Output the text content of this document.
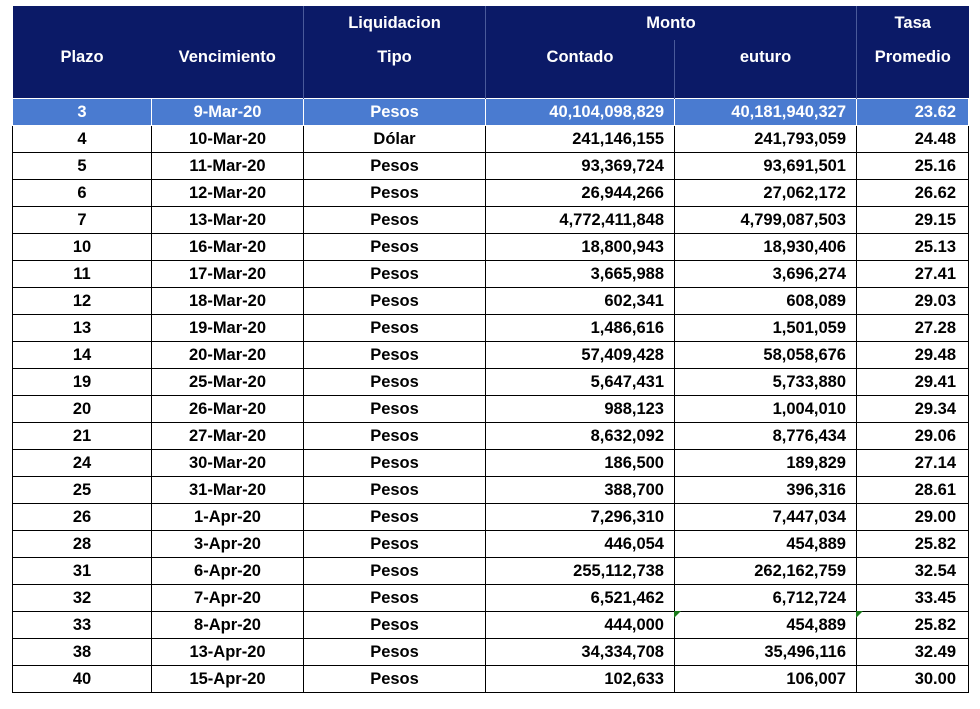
		Liquidacion	Monto		Tasa
Plazo	Vencimiento	Tipo	Contado	euturo	Promedio

3	9-Mar-20	Pesos	40,104,098,829	40,181,940,327	23.62
4	10-Mar-20	Dólar	241,146,155	241,793,059	24.48
5	11-Mar-20	Pesos	93,369,724	93,691,501	25.16
6	12-Mar-20	Pesos	26,944,266	27,062,172	26.62
7	13-Mar-20	Pesos	4,772,411,848	4,799,087,503	29.15
10	16-Mar-20	Pesos	18,800,943	18,930,406	25.13
11	17-Mar-20	Pesos	3,665,988	3,696,274	27.41
12	18-Mar-20	Pesos	602,341	608,089	29.03
13	19-Mar-20	Pesos	1,486,616	1,501,059	27.28
14	20-Mar-20	Pesos	57,409,428	58,058,676	29.48
19	25-Mar-20	Pesos	5,647,431	5,733,880	29.41
20	26-Mar-20	Pesos	988,123	1,004,010	29.34
21	27-Mar-20	Pesos	8,632,092	8,776,434	29.06
24	30-Mar-20	Pesos	186,500	189,829	27.14
25	31-Mar-20	Pesos	388,700	396,316	28.61
26	1-Apr-20	Pesos	7,296,310	7,447,034	29.00
28	3-Apr-20	Pesos	446,054	454,889	25.82
31	6-Apr-20	Pesos	255,112,738	262,162,759	32.54
32	7-Apr-20	Pesos	6,521,462	6,712,724	33.45
33	8-Apr-20	Pesos	444,000	454,889	25.82

38	13-Apr-20	Pesos	34,334,708	35,496,116	32.49
40	15-Apr-20	Pesos	102,633	106,007	30.00
